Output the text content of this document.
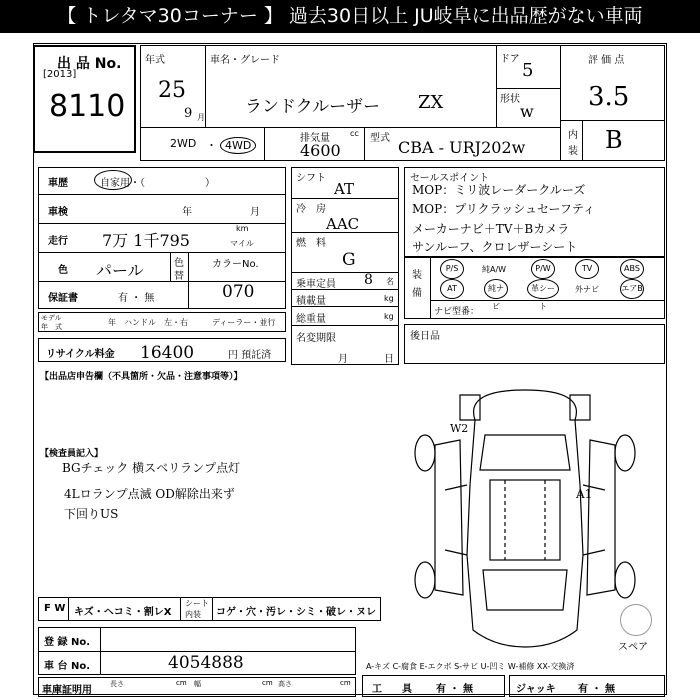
【 トレタマ30コーナー 】 過去30日以上 JU岐阜に出品歴がない車両
出 品 No.
[2013]
8110
年式
25
9 月
車名・グレード
ランドクルーザー ZX
ドア
5
形状
w
評 価 点
3.5
2WD ・ 4WD
排気量	cc
4600
型式 CBA - URJ202w
内
装 B
車歴	自家用・（　　　　　　）
車検	年	月
走行 7万 1千795
km
マイル
色 パール	色
替
カラーNo.
070
保証書	有 ・ 無
モデル
年　式	年 ハンドル　左・右	ディーラー・並行
リサイクル料金 16400	円 預託済
シフト
AT
冷　房
AAC
燃　料
G
乗車定員 8 名
積載量	kg
総重量	kg
名変期限
月	日
セールスポイント
MOP：ミリ波レーダークルーズ
MOP：プリクラッシュセーフティ
メーカーナビ＋TV＋Bカメラ
サンルーフ、クロレザーシート
装
備
P/S	純A/W	P/W	TV	ABS
AT	純ナビ
革シート
外ナビ	エアB
ナビ型番：
後日品
【出品店申告欄（不具箇所・欠品・注意事項等）】
【検査員記入】
BGチェック 横スベリランプ点灯
4Lロランプ点滅 OD解除出来ず
下回りUS
W2
A1
スペア
F W キズ・ヘコミ・割レX
シート
内装 コゲ・穴・汚レ・シミ・破レ・ヌレ
登 録 No.
車 台 No.	4054888
車庫証明用
長さ	cm 幅	cm 高さ	cm
A-キズ C-腐食 E-エクボ S-サビ U-凹ミ W-補修 XX-交換済
工　　具 有 ・ 無	ジャッキ 有 ・ 無
